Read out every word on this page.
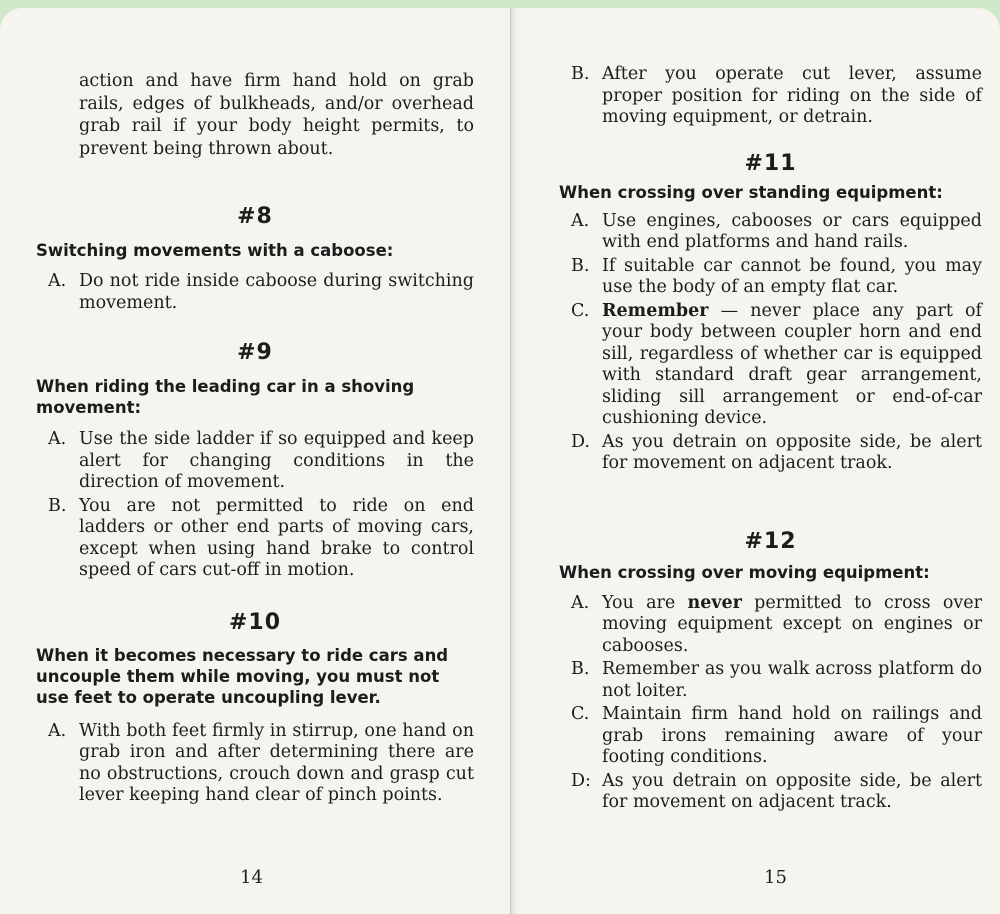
action and have firm hand hold on grab rails, edges of bulkheads, and/or overhead grab rail if your body height permits, to prevent being thrown about.

#8

Switching movements with a caboose:

A. Do not ride inside caboose during switching movement.

#9

When riding the leading car in a shoving movement:

A. Use the side ladder if so equipped and keep alert for changing conditions in the direction of movement.
B. You are not permitted to ride on end ladders or other end parts of moving cars, except when using hand brake to control speed of cars cut-off in motion.

#10

When it becomes necessary to ride cars and uncouple them while moving, you must not use feet to operate uncoupling lever.

A. With both feet firmly in stirrup, one hand on grab iron and after determining there are no obstructions, crouch down and grasp cut lever keeping hand clear of pinch points.
14
B. After you operate cut lever, assume proper position for riding on the side of moving equipment, or detrain.

#11

When crossing over standing equipment:

A. Use engines, cabooses or cars equipped with end platforms and hand rails.
B. If suitable car cannot be found, you may use the body of an empty flat car.
C. Remember — never place any part of your body between coupler horn and end sill, regardless of whether car is equipped with standard draft gear arrangement, sliding sill arrangement or end-of-car cushioning device.
D. As you detrain on opposite side, be alert for movement on adjacent traok.

#12

When crossing over moving equipment:

A. You are never permitted to cross over moving equipment except on engines or cabooses.
B. Remember as you walk across platform do not loiter.
C. Maintain firm hand hold on railings and grab irons remaining aware of your footing conditions.
D: As you detrain on opposite side, be alert for movement on adjacent track.
15
